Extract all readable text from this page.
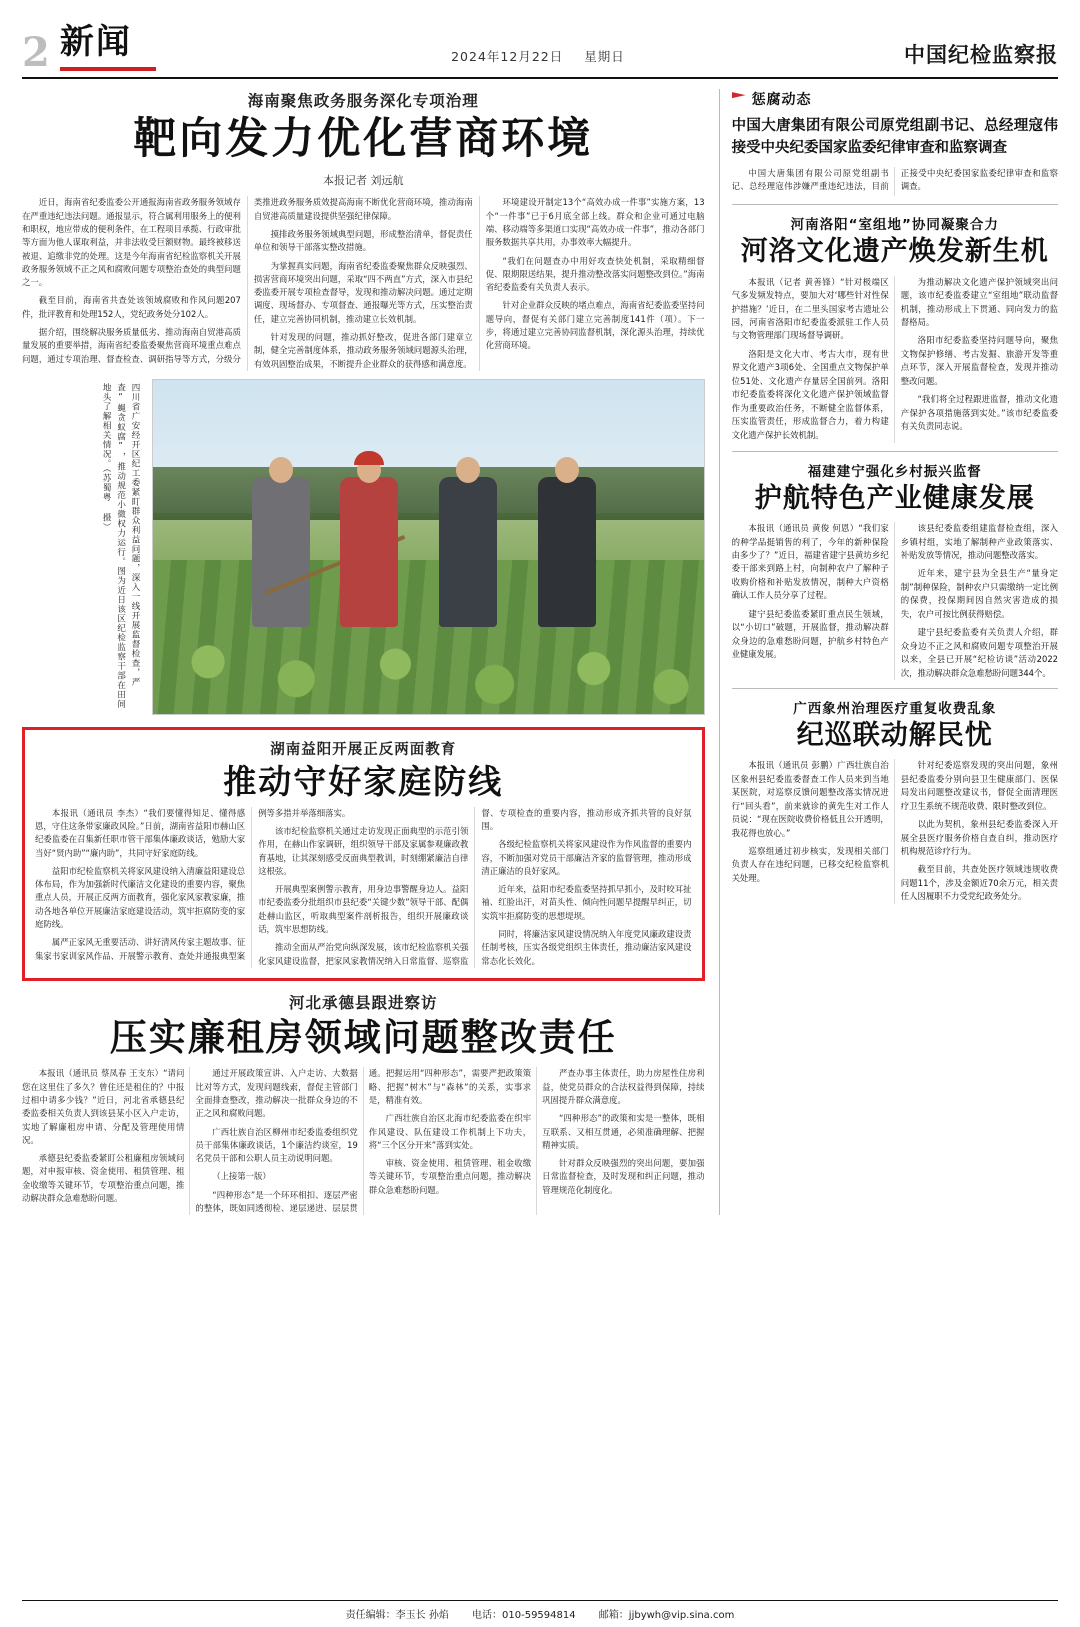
2 新闻	2024年12月22日 星期日	中国纪检监察报
海南聚焦政务服务深化专项治理
靶向发力优化营商环境
本报记者 刘远航

近日，海南省纪委监委公开通报海南省政务服务领域存在严重违纪违法问题。通报显示，符合属利用服务上的便利和职权，地应带成的便利条件，在工程项目承揽、行政审批等方面为他人谋取利益，并非法收受巨额财物。最终被移送被退、追缴非党的处理。这是今年海南省纪检监察机关开展政务服务领域不正之风和腐败问题专项整治查处的典型问题之一。

截至目前，海南省共查处该领域腐败和作风问题207件，批评教育和处理152人，党纪政务处分102人。

据介绍，围绕解决服务质量低劣、推动海南自贸港高质量发展的重要举措，海南省纪委监委聚焦营商环境重点难点问题，通过专项治理、督查检查、调研指导等方式，分级分类推进政务服务质效提高海南不断优化营商环境，推动海南自贸港高质量建设提供坚强纪律保障。

摸排政务服务领域典型问题，形成整治清单，督促责任单位和领导干部落实整改措施。

为掌握真实问题，海南省纪委监委聚焦群众反映强烈、损害营商环境突出问题，采取“四不两直”方式，深入市县纪委监委开展专项检查督导，发现和推动解决问题。通过定期调度、现场督办、专项督查、通报曝光等方式，压实整治责任，建立完善协同机制，推动建立长效机制。

针对发现的问题，推动抓好整改，促进各部门建章立制，健全完善制度体系，推动政务服务领域问题源头治理，有效巩固整治成果，不断提升企业群众的获得感和满意度。

环境建设开制定13个“高效办成一件事”实施方案，13个“一件事”已于6月底全部上线。群众和企业可通过电脑端、移动端等多渠道口实现“高效办成一件事”，推动各部门服务数据共享共用，办事效率大幅提升。

“我们在问题查办中用好攻查快处机制，采取精细督促、限期限送结果，提升推动整改落实问题整改到位。”海南省纪委监委有关负责人表示。

针对企业群众反映的堵点难点，海南省纪委监委坚持问题导向，督促有关部门建立完善制度141件（项）。下一步，将通过建立完善协同监督机制，深化源头治理，持续优化营商环境。

四川省广安经开区纪工委紧盯群众利益问题，深入一线开展监督检查，严查“蝇贪蚁腐”，推动规范小微权力运行。图为近日该区纪检监察干部在田间地头了解相关情况。（苏蜀粤 摄）
湖南益阳开展正反两面教育
推动守好家庭防线

本报讯（通讯员 李杰）“我们要懂得知足、懂得感恩，守住这条带家廉政风险。”日前，湖南省益阳市赫山区纪委监委在召集新任职市管干部集体廉政谈话，勉励大家当好“贤内助”“廉内助”，共同守好家庭防线。

益阳市纪检监察机关将家风建设纳入清廉益阳建设总体布局，作为加强新时代廉洁文化建设的重要内容，聚焦重点人员，开展正反两方面教育，强化家风家教家廉，推动各地各单位开展廉洁家庭建设活动，筑牢拒腐防变的家庭防线。

属严正家风无重要活动、讲好清风传家主题故事、征集家书家训家风作品、开展警示教育、查处并通报典型案例等多措并举落细落实。

该市纪检监察机关通过走访发现正面典型的示范引领作用，在赫山作家调研，组织领导干部及家属参观廉政教育基地，让其深刻感受反面典型教训，时刻绷紧廉洁自律这根弦。

开展典型案例警示教育，用身边事警醒身边人。益阳市纪委监委分批组织市县纪委“关键少数”领导干部、配偶赴赫山监区，听取典型案件剖析报告，组织开展廉政谈话，筑牢思想防线。

推动全面从严治党向纵深发展，该市纪检监察机关强化家风建设监督，把家风家教情况纳入日常监督、巡察监督、专项检查的重要内容，推动形成齐抓共管的良好氛围。

各级纪检监察机关将家风建设作为作风监督的重要内容，不断加强对党员干部廉洁齐家的监督管理，推动形成清正廉洁的良好家风。

近年来，益阳市纪委监委坚持抓早抓小，及时咬耳扯袖、红脸出汗，对苗头性、倾向性问题早提醒早纠正，切实筑牢拒腐防变的思想堤坝。

同时，将廉洁家风建设情况纳入年度党风廉政建设责任制考核，压实各级党组织主体责任，推动廉洁家风建设常态化长效化。

河北承德县跟进察访
压实廉租房领域问题整改责任

本报讯（通讯员 蔡凤春 王支东）“请问您在这里住了多久？曾住还是租住的？中报过相中请多少钱？”近日，河北省承德县纪委监委相关负责人到该县某小区入户走访，实地了解廉租房申请、分配及管理使用情况。

承德县纪委监委紧盯公租廉租房领域问题，对申报审核、资金使用、租赁管理、租金收缴等关键环节，专项整治重点问题，推动解决群众急难愁盼问题。

通过开展政策宣讲、入户走访、大数据比对等方式，发现问题线索，督促主管部门全面排查整改，推动解决一批群众身边的不正之风和腐败问题。

广西壮族自治区柳州市纪委监委组织党员干部集体廉政谈话，1个廉洁约谈室，19名党员干部和公职人员主动说明问题。

（上接第一版）

“四种形态”是一个环环相扣、逐层严密的整体，既如同透彻检、递层递进、层层贯通。把握运用“四种形态”，需要严把政策策略、把握“树木”与“森林”的关系，实事求是，精准有效。

广西壮族自治区北海市纪委监委在织牢作风建设、队伍建设工作机制上下功夫，将“三个区分开来”落到实处。

审核、资金使用、租赁管理、租金收缴等关键环节，专项整治重点问题，推动解决群众急难愁盼问题。

严查办事主体责任，助力房屋性住房利益，使党员群众的合法权益得到保障，持续巩固提升群众满意度。

“四种形态”的政策和实是一整体，既相互联系、又相互贯通，必须准确理解、把握精神实质。

针对群众反映强烈的突出问题，要加强日常监督检查，及时发现和纠正问题，推动管理规范化制度化。

惩腐动态
中国大唐集团有限公司原党组副书记、总经理寇伟接受中央纪委国家监委纪律审查和监察调查

中国大唐集团有限公司原党组副书记、总经理寇伟涉嫌严重违纪违法，目前正接受中央纪委国家监委纪律审查和监察调查。

河南洛阳“室组地”协同凝聚合力
河洛文化遗产焕发新生机

本报讯（记者 黄善锋）“针对极端区气多发频发特点，要加大对‘哪些针对性保护措施？’近日，在二里头国家考古遗址公园，河南省洛阳市纪委监委派驻工作人员与文物管理部门现场督导调研。

洛阳是文化大市、考古大市，现有世界文化遗产3项6处、全国重点文物保护单位51处、文化遗产存量居全国前列。洛阳市纪委监委将深化文化遗产保护领域监督作为重要政治任务，不断健全监督体系，压实监管责任，形成监督合力，着力构建文化遗产保护长效机制。

为推动解决文化遗产保护领域突出问题，该市纪委监委建立“室组地”联动监督机制，推动形成上下贯通、同向发力的监督格局。

洛阳市纪委监委坚持问题导向，聚焦文物保护修缮、考古发掘、旅游开发等重点环节，深入开展监督检查，发现并推动整改问题。

“我们将全过程跟进监督，推动文化遗产保护各项措施落到实处。”该市纪委监委有关负责同志说。

福建建宁强化乡村振兴监督
护航特色产业健康发展

本报讯（通讯员 黄俊 何恩）“我们家的种学品挺销售的利了，今年的新种保险由多少了？”近日，福建省建宁县黄坊乡纪委干部来到路上村，向制种农户了解种子收购价格和补贴发放情况，制种大户资格确认工作人员分享了过程。

建宁县纪委监委紧盯重点民生领域，以“小切口”破题，开展监督，推动解决群众身边的急难愁盼问题，护航乡村特色产业健康发展。

该县纪委监委组建监督检查组，深入乡镇村组，实地了解制种产业政策落实、补贴发放等情况，推动问题整改落实。

近年来，建宁县为全县生产“量身定制”制种保险，制种农户只需缴纳一定比例的保费，投保期间因自然灾害造成的损失，农户可按比例获得赔偿。

建宁县纪委监委有关负责人介绍，群众身边不正之风和腐败问题专项整治开展以来，全县已开展“纪检访谈”活动2022次，推动解决群众急难愁盼问题344个。

广西象州治理医疗重复收费乱象
纪巡联动解民忧

本报讯（通讯员 彭鹏）广西壮族自治区象州县纪委监委督查工作人员来到当地某医院，对巡察反馈问题整改落实情况进行“回头看”，前来就诊的黄先生对工作人员说：“现在医院收费价格低且公开透明，我花得也放心。”

巡察组通过初步核实，发现相关部门负责人存在违纪问题，已移交纪检监察机关处理。

针对纪委巡察发现的突出问题，象州县纪委监委分别向县卫生健康部门、医保局发出问题整改建议书，督促全面清理医疗卫生系统不规范收费、限时整改到位。

以此为契机，象州县纪委监委深入开展全县医疗服务价格自查自纠，推动医疗机构规范诊疗行为。

截至目前，共查处医疗领域违规收费问题11个，涉及金额近70余万元，相关责任人因履职不力受党纪政务处分。

责任编辑：李玉长 孙焰 电话：010-59594814 邮箱：jjbywh@vip.sina.com
